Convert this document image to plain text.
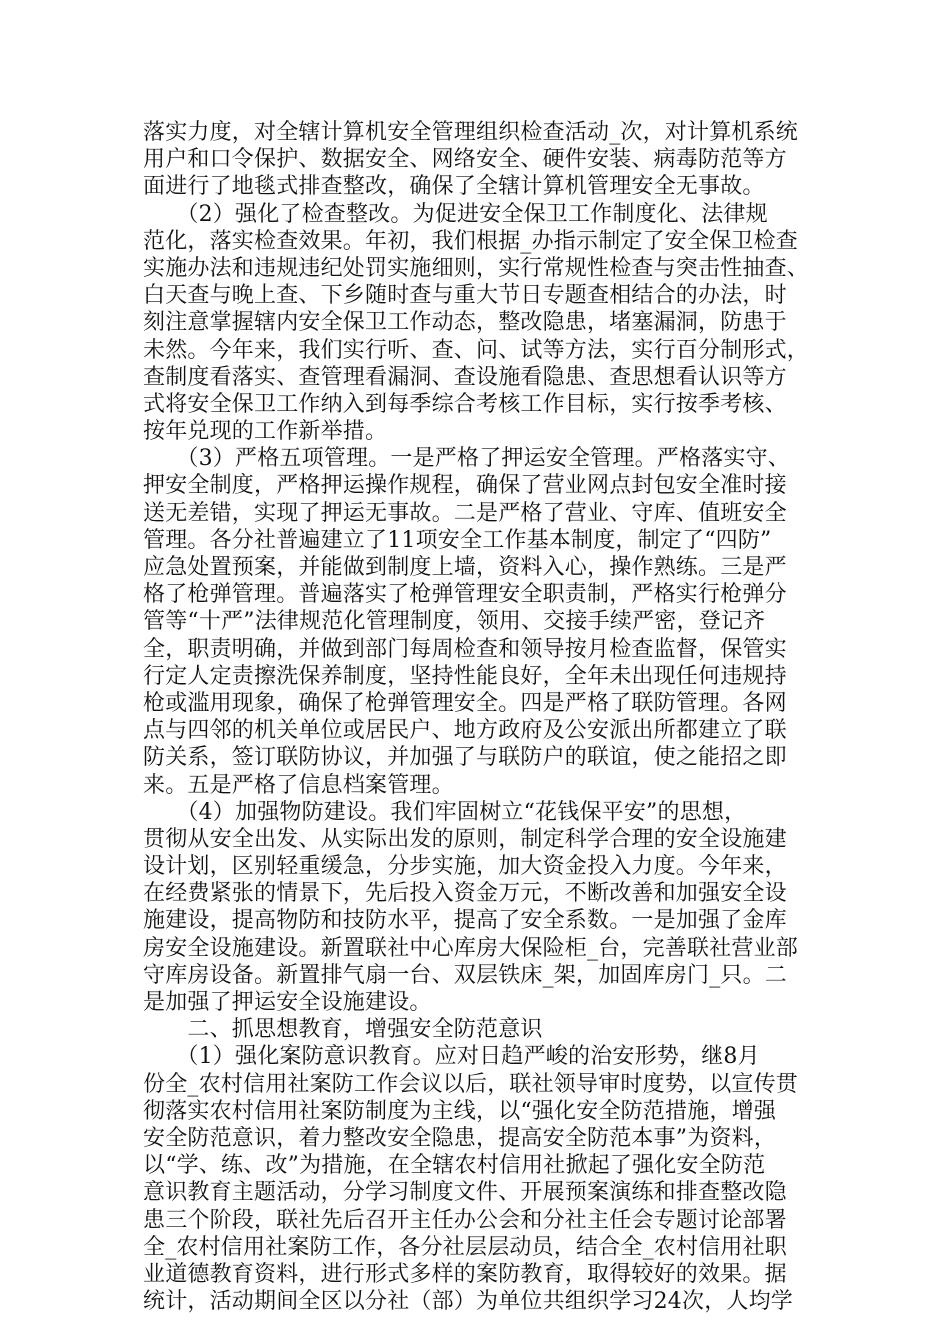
落实力度，对全辖计算机安全管理组织检查活动_次，对计算机系统
用户和口令保护、数据安全、网络安全、硬件安装、病毒防范等方
面进行了地毯式排查整改，确保了全辖计算机管理安全无事故。
　　（2）强化了检查整改。为促进安全保卫工作制度化、法律规
范化，落实检查效果。年初，我们根据_办指示制定了安全保卫检查
实施办法和违规违纪处罚实施细则，实行常规性检查与突击性抽查、
白天查与晚上查、下乡随时查与重大节日专题查相结合的办法，时
刻注意掌握辖内安全保卫工作动态，整改隐患，堵塞漏洞，防患于
未然。今年来，我们实行听、查、问、试等方法，实行百分制形式，
查制度看落实、查管理看漏洞、查设施看隐患、查思想看认识等方
式将安全保卫工作纳入到每季综合考核工作目标，实行按季考核、
按年兑现的工作新举措。
　　（3）严格五项管理。一是严格了押运安全管理。严格落实守、
押安全制度，严格押运操作规程，确保了营业网点封包安全准时接
送无差错，实现了押运无事故。二是严格了营业、守库、值班安全
管理。各分社普遍建立了11项安全工作基本制度，制定了“四防”
应急处置预案，并能做到制度上墙，资料入心，操作熟练。三是严
格了枪弹管理。普遍落实了枪弹管理安全职责制，严格实行枪弹分
管等“十严”法律规范化管理制度，领用、交接手续严密，登记齐
全，职责明确，并做到部门每周检查和领导按月检查监督，保管实
行定人定责擦洗保养制度，坚持性能良好，全年未出现任何违规持
枪或滥用现象，确保了枪弹管理安全。四是严格了联防管理。各网
点与四邻的机关单位或居民户、地方政府及公安派出所都建立了联
防关系，签订联防协议，并加强了与联防户的联谊，使之能招之即
来。五是严格了信息档案管理。
　　（4）加强物防建设。我们牢固树立“花钱保平安”的思想，
贯彻从安全出发、从实际出发的原则，制定科学合理的安全设施建
设计划，区别轻重缓急，分步实施，加大资金投入力度。今年来，
在经费紧张的情景下，先后投入资金万元，不断改善和加强安全设
施建设，提高物防和技防水平，提高了安全系数。一是加强了金库
房安全设施建设。新置联社中心库房大保险柜_台，完善联社营业部
守库房设备。新置排气扇一台、双层铁床_架，加固库房门_只。二
是加强了押运安全设施建设。
　　二、抓思想教育，增强安全防范意识
　　（1）强化案防意识教育。应对日趋严峻的治安形势，继8月
份全_农村信用社案防工作会议以后，联社领导审时度势，以宣传贯
彻落实农村信用社案防制度为主线，以“强化安全防范措施，增强
安全防范意识，着力整改安全隐患，提高安全防范本事”为资料，
以“学、练、改”为措施，在全辖农村信用社掀起了强化安全防范
意识教育主题活动，分学习制度文件、开展预案演练和排查整改隐
患三个阶段，联社先后召开主任办公会和分社主任会专题讨论部署
全_农村信用社案防工作，各分社层层动员，结合全_农村信用社职
业道德教育资料，进行形式多样的案防教育，取得较好的效果。据
统计，活动期间全区以分社（部）为单位共组织学习24次，人均学
